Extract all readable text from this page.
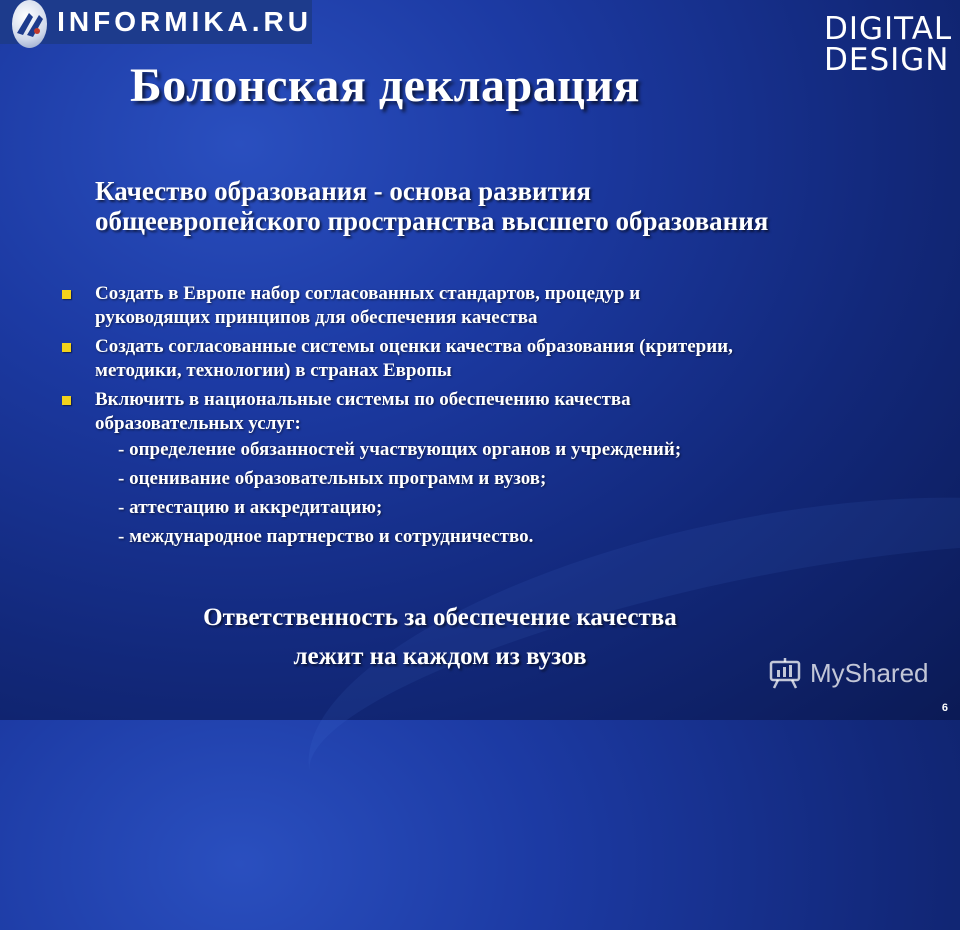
INFORMIKA.RU	DIGITAL
DESIGN
Болонская декларация
Качество образования - основа развития
общеевропейского пространства высшего образования
Создать в Европе набор согласованных стандартов, процедур и
руководящих принципов для обеспечения качества
Создать согласованные системы оценки качества образования (критерии,
методики, технологии) в странах Европы
Включить в национальные системы по обеспечению качества
образовательных услуг:
- определение обязанностей участвующих органов и учреждений;
- оценивание образовательных программ и вузов;
- аттестацию и аккредитацию;
- международное партнерство и сотрудничество.
Ответственность за обеспечение качества
лежит на каждом из вузов
MyShared
6
